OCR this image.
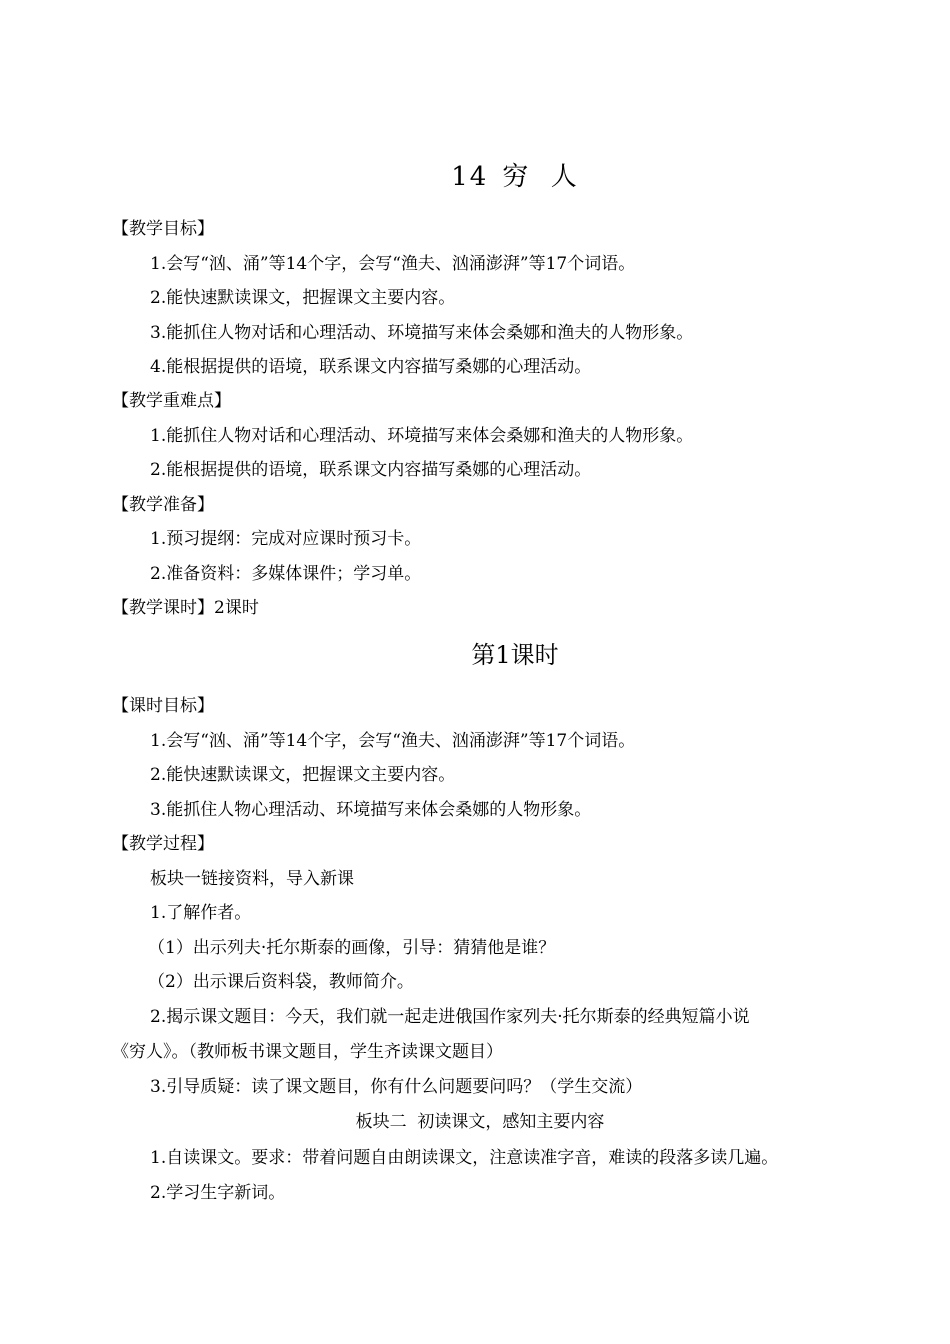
14 穷  人
【教学目标】
1.会写“汹、涌”等14个字，会写“渔夫、汹涌澎湃”等17个词语。
2.能快速默读课文，把握课文主要内容。
3.能抓住人物对话和心理活动、环境描写来体会桑娜和渔夫的人物形象。
4.能根据提供的语境，联系课文内容描写桑娜的心理活动。
【教学重难点】
1.能抓住人物对话和心理活动、环境描写来体会桑娜和渔夫的人物形象。
2.能根据提供的语境，联系课文内容描写桑娜的心理活动。
【教学准备】
1.预习提纲：完成对应课时预习卡。
2.准备资料：多媒体课件；学习单。
【教学课时】2课时
第1课时
【课时目标】
1.会写“汹、涌”等14个字，会写“渔夫、汹涌澎湃”等17个词语。
2.能快速默读课文，把握课文主要内容。
3.能抓住人物心理活动、环境描写来体会桑娜的人物形象。
【教学过程】
板块一链接资料，导入新课
1.了解作者。
（1）出示列夫·托尔斯泰的画像，引导：猜猜他是谁？
（2）出示课后资料袋，教师简介。
2.揭示课文题目：今天，我们就一起走进俄国作家列夫·托尔斯泰的经典短篇小说
《穷人》。（教师板书课文题目，学生齐读课文题目）
3.引导质疑：读了课文题目，你有什么问题要问吗？（学生交流）
板块二  初读课文，感知主要内容
1.自读课文。要求：带着问题自由朗读课文，注意读准字音，难读的段落多读几遍。
2.学习生字新词。
